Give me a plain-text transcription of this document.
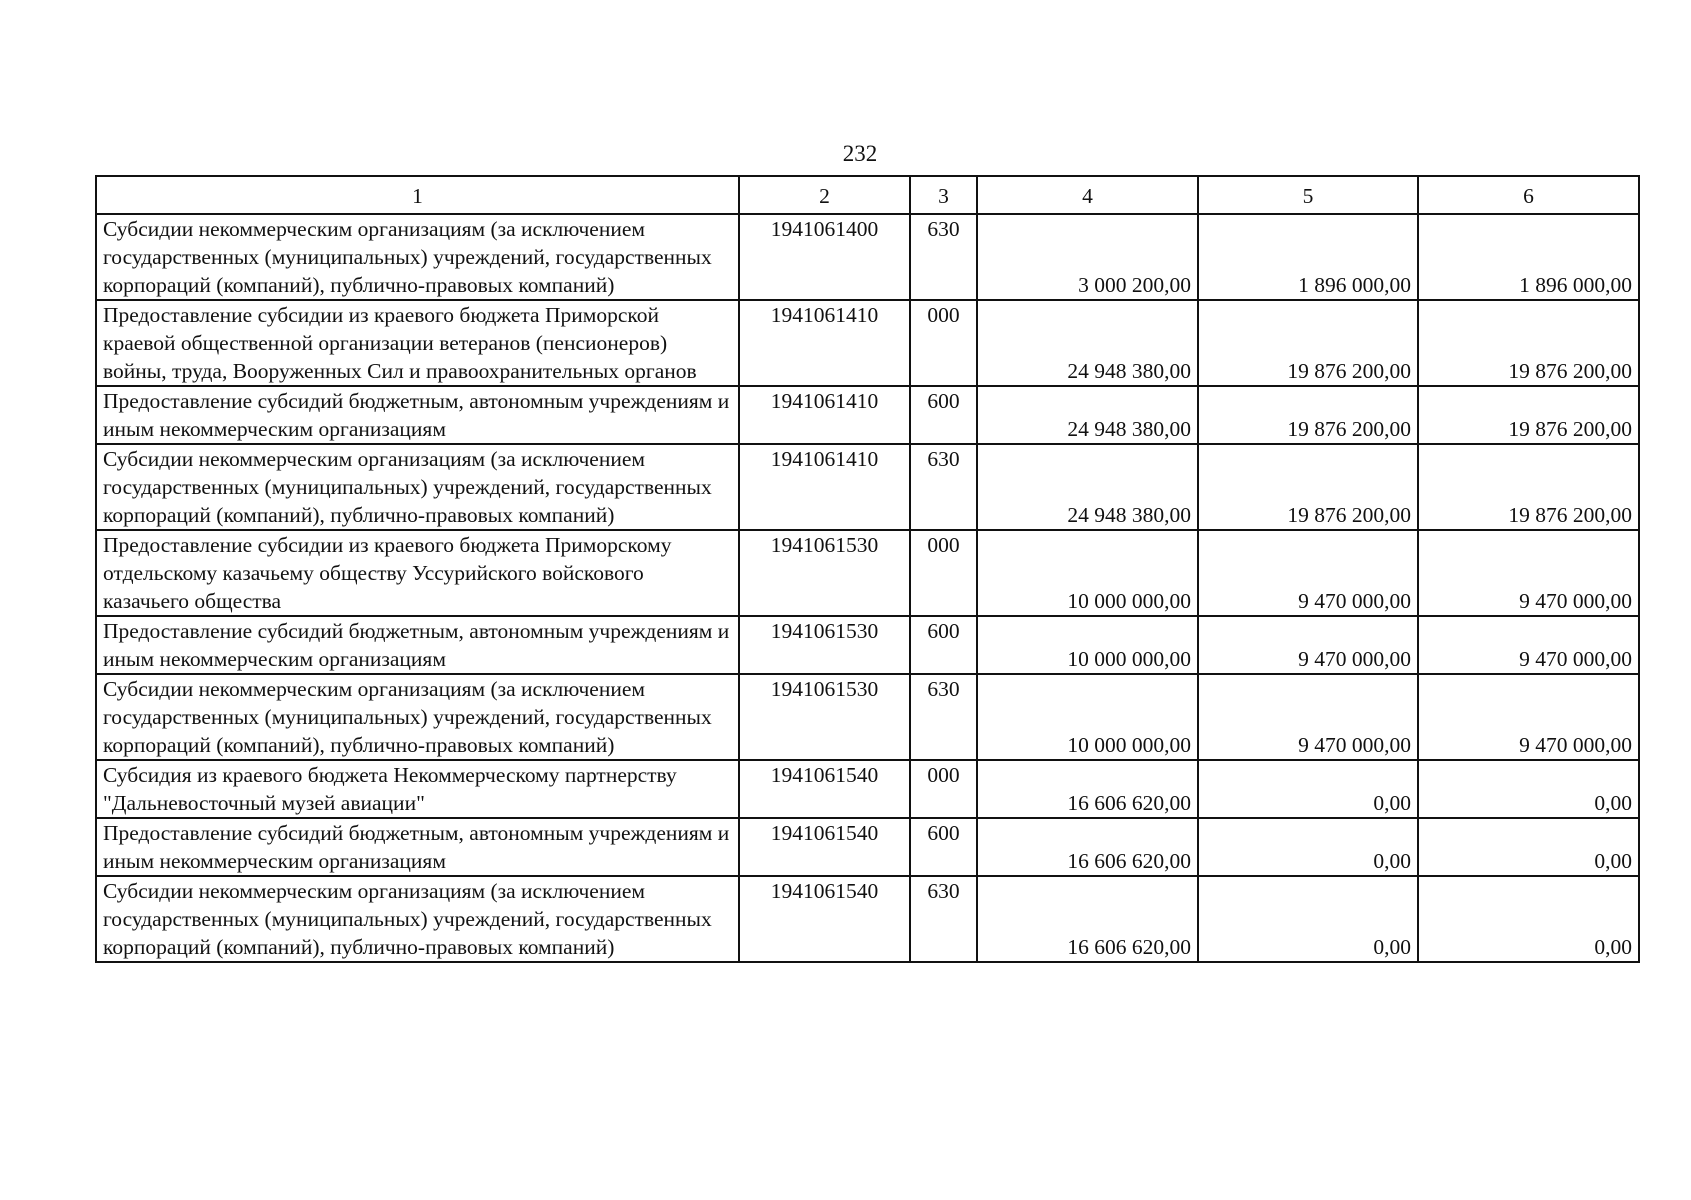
232
1	2	3	4	5	6
Субсидии некоммерческим организациям (за исключением государственных (муниципальных) учреждений, государственных корпораций (компаний), публично-правовых компаний)	1941061400	630	3 000 200,00	1 896 000,00	1 896 000,00

Предоставление субсидии из краевого бюджета Приморской краевой общественной организации ветеранов (пенсионеров) войны, труда, Вооруженных Сил и правоохранительных органов	1941061410	000	24 948 380,00	19 876 200,00	19 876 200,00

Предоставление субсидий бюджетным, автономным учреждениям и иным некоммерческим организациям	1941061410	600	24 948 380,00	19 876 200,00	19 876 200,00

Субсидии некоммерческим организациям (за исключением государственных (муниципальных) учреждений, государственных корпораций (компаний), публично-правовых компаний)	1941061410	630	24 948 380,00	19 876 200,00	19 876 200,00

Предоставление субсидии из краевого бюджета Приморскому отдельскому казачьему обществу Уссурийского войскового казачьего общества	1941061530	000	10 000 000,00	9 470 000,00	9 470 000,00

Предоставление субсидий бюджетным, автономным учреждениям и иным некоммерческим организациям	1941061530	600	10 000 000,00	9 470 000,00	9 470 000,00

Субсидии некоммерческим организациям (за исключением государственных (муниципальных) учреждений, государственных корпораций (компаний), публично-правовых компаний)	1941061530	630	10 000 000,00	9 470 000,00	9 470 000,00

Субсидия из краевого бюджета Некоммерческому партнерству "Дальневосточный музей авиации"	1941061540	000	16 606 620,00	0,00	0,00

Предоставление субсидий бюджетным, автономным учреждениям и иным некоммерческим организациям	1941061540	600	16 606 620,00	0,00	0,00

Субсидии некоммерческим организациям (за исключением государственных (муниципальных) учреждений, государственных корпораций (компаний), публично-правовых компаний)	1941061540	630	16 606 620,00	0,00	0,00
